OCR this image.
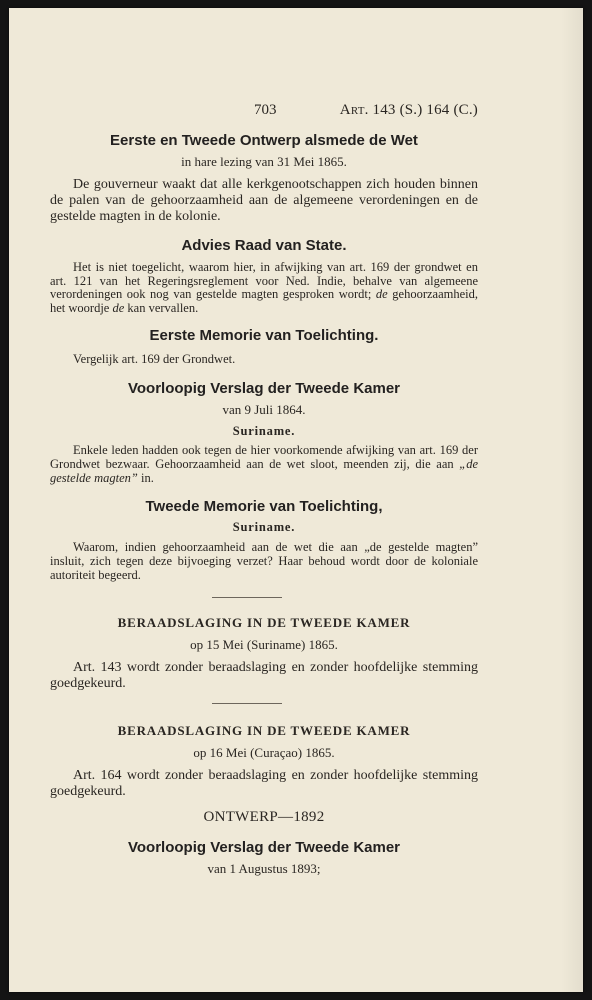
703	Art. 143 (S.) 164 (C.)
Eerste en Tweede Ontwerp alsmede de Wet
in hare lezing van 31 Mei 1865.

De gouverneur waakt dat alle kerkgenootschappen zich houden binnen de palen van de gehoorzaamheid aan de algemeene verordeningen en de gestelde magten in de kolonie.

Advies Raad van State.

Het is niet toegelicht, waarom hier, in afwijking van art. 169 der grondwet en art. 121 van het Regeringsreglement voor Ned. Indie, behalve van algemeene verordeningen ook nog van gestelde magten gesproken wordt; de gehoorzaamheid, het woordje de kan vervallen.

Eerste Memorie van Toelichting.

Vergelijk art. 169 der Grondwet.

Voorloopig Verslag der Tweede Kamer
van 9 Juli 1864.
Suriname.

Enkele leden hadden ook tegen de hier voorkomende afwijking van art. 169 der Grondwet bezwaar. Gehoorzaamheid aan de wet sloot, meenden zij, die aan „de gestelde magten” in.

Tweede Memorie van Toelichting,
Suriname.

Waarom, indien gehoorzaamheid aan de wet die aan „de gestelde magten” insluit, zich tegen deze bijvoeging verzet? Haar behoud wordt door de koloniale autoriteit begeerd.

BERAADSLAGING IN DE TWEEDE KAMER
op 15 Mei (Suriname) 1865.

Art. 143 wordt zonder beraadslaging en zonder hoofdelijke stemming goedgekeurd.

BERAADSLAGING IN DE TWEEDE KAMER
op 16 Mei (Curaçao) 1865.

Art. 164 wordt zonder beraadslaging en zonder hoofdelijke stemming goedgekeurd.

ONTWERP—1892
Voorloopig Verslag der Tweede Kamer
van 1 Augustus 1893;
